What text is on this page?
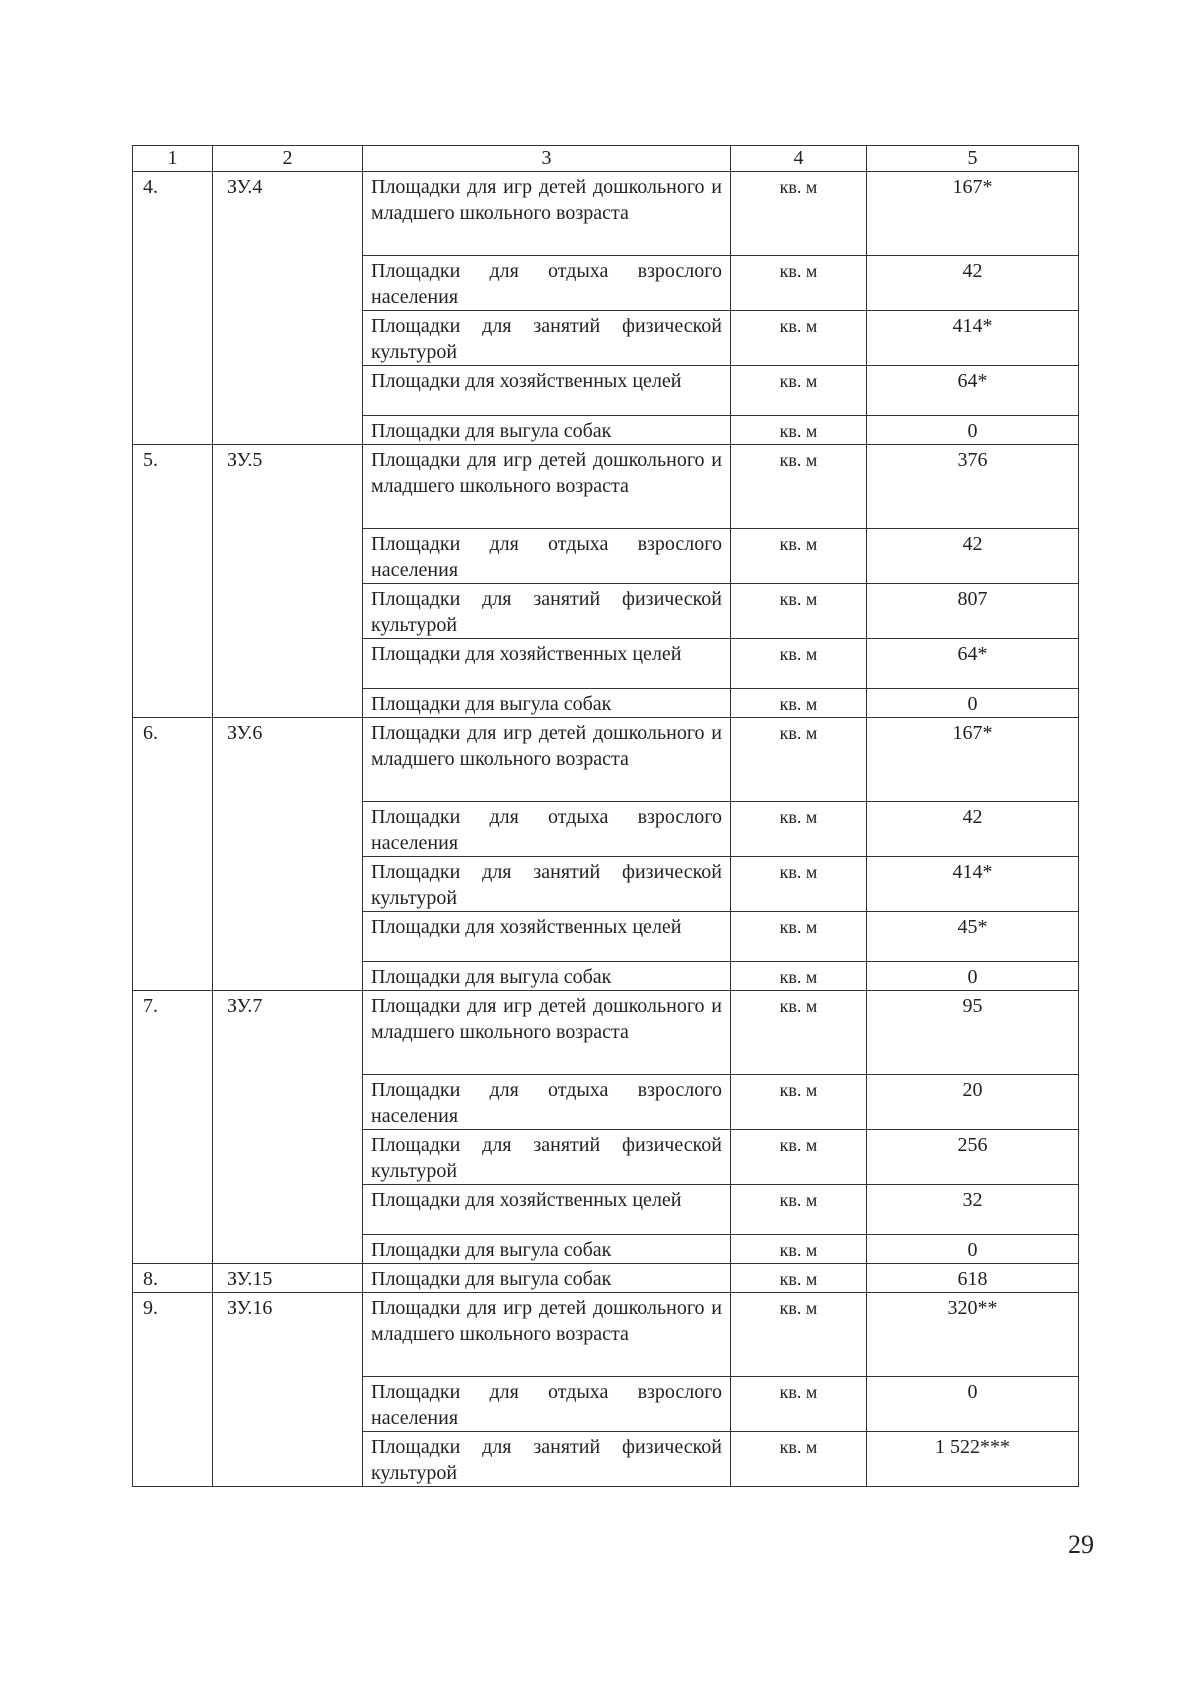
1	2	3	4	5
4.	ЗУ.4	Площадки для игр детей дошкольного и младшего школьного возраста	кв. м	167*
		Площадки для отдыха взрослого населения	кв. м	42
		Площадки для занятий физической культурой	кв. м	414*
		Площадки для хозяйственных целей	кв. м	64*
		Площадки для выгула собак	кв. м	0
5.	ЗУ.5	Площадки для игр детей дошкольного и младшего школьного возраста	кв. м	376
		Площадки для отдыха взрослого населения	кв. м	42
		Площадки для занятий физической культурой	кв. м	807
		Площадки для хозяйственных целей	кв. м	64*
		Площадки для выгула собак	кв. м	0
6.	ЗУ.6	Площадки для игр детей дошкольного и младшего школьного возраста	кв. м	167*
		Площадки для отдыха взрослого населения	кв. м	42
		Площадки для занятий физической культурой	кв. м	414*
		Площадки для хозяйственных целей	кв. м	45*
		Площадки для выгула собак	кв. м	0
7.	ЗУ.7	Площадки для игр детей дошкольного и младшего школьного возраста	кв. м	95
		Площадки для отдыха взрослого населения	кв. м	20
		Площадки для занятий физической культурой	кв. м	256
		Площадки для хозяйственных целей	кв. м	32
		Площадки для выгула собак	кв. м	0
8.	ЗУ.15	Площадки для выгула собак	кв. м	618
9.	ЗУ.16	Площадки для игр детей дошкольного и младшего школьного возраста	кв. м	320**
		Площадки для отдыха взрослого населения	кв. м	0
		Площадки для занятий физической культурой	кв. м	1 522***
29
